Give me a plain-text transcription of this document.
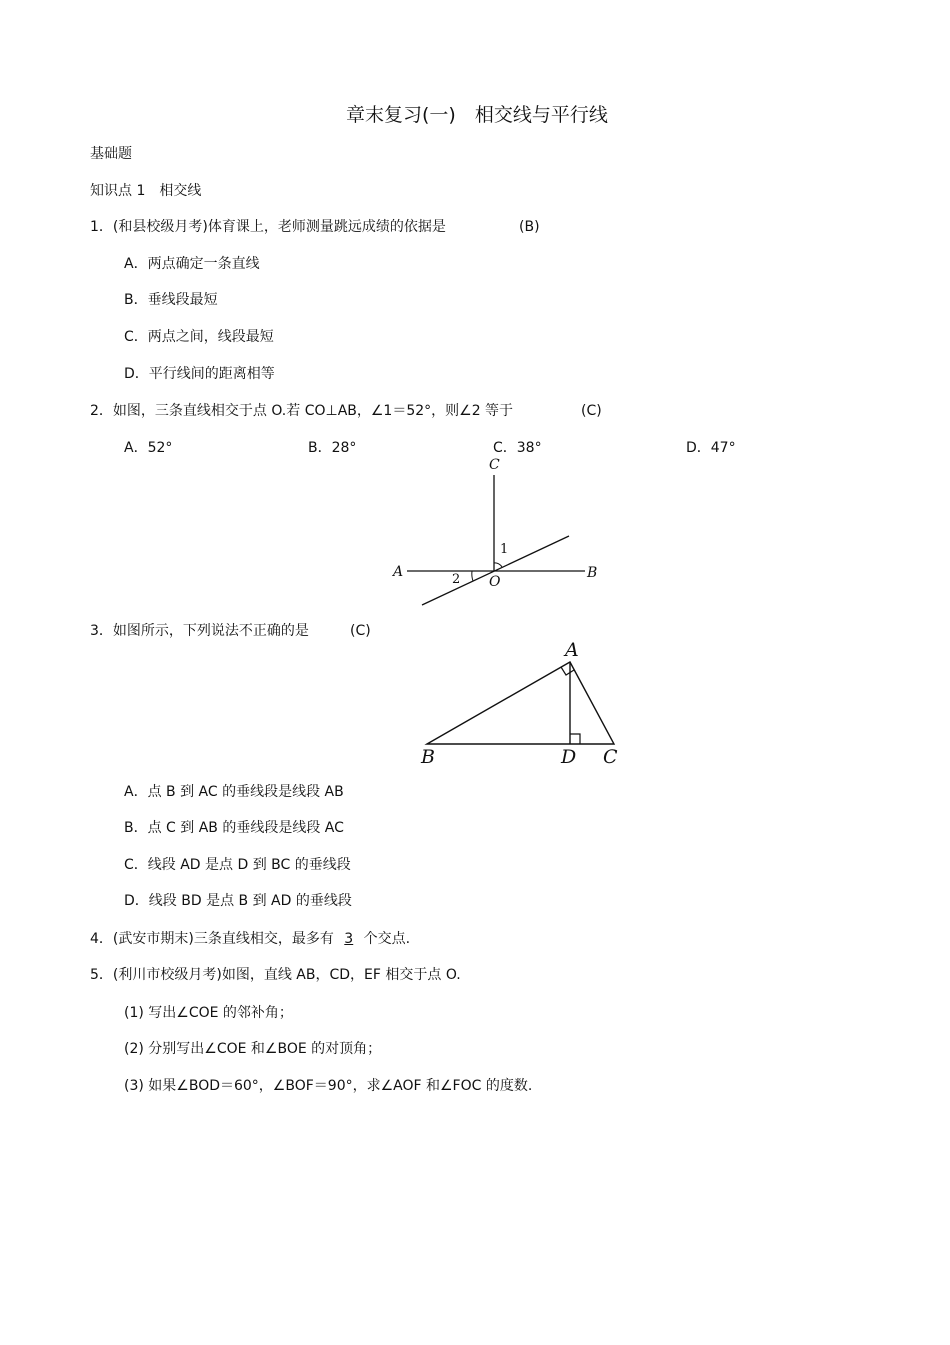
章末复习(一)　相交线与平行线
基础题
知识点 1　相交线
1．(和县校级月考)体育课上，老师测量跳远成绩的依据是	(B)
A．两点确定一条直线
B．垂线段最短
C．两点之间，线段最短
D．平行线间的距离相等
2．如图，三条直线相交于点 O.若 CO⊥AB，∠1＝52°，则∠2 等于	(C)
A．52°	B．28°	C．38°	D．47°
C
A	B
O
1
2
3．如图所示，下列说法不正确的是	(C)
A
B	D C
A．点 B 到 AC 的垂线段是线段 AB
B．点 C 到 AB 的垂线段是线段 AC
C．线段 AD 是点 D 到 BC 的垂线段
D．线段 BD 是点 B 到 AD 的垂线段
4．(武安市期末)三条直线相交，最多有 3 个交点.
5．(利川市校级月考)如图，直线 AB，CD，EF 相交于点 O.
(1) 写出∠COE 的邻补角；
(2) 分别写出∠COE 和∠BOE 的对顶角；
(3) 如果∠BOD＝60°，∠BOF＝90°，求∠AOF 和∠FOC 的度数.
